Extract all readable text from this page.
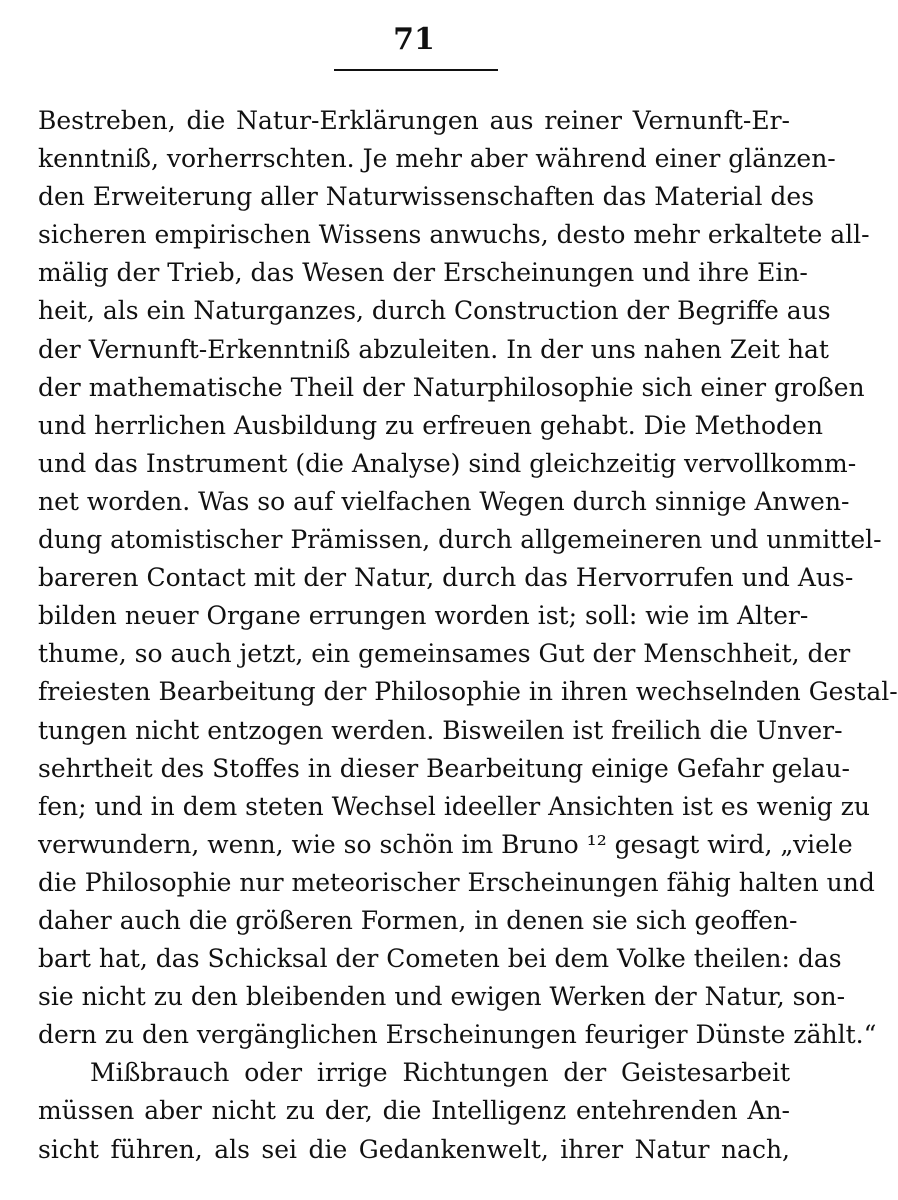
71
Bestreben, die Natur-Erklärungen aus reiner Vernunft-Er-
kenntniß, vorherrschten. Je mehr aber während einer glänzen-
den Erweiterung aller Naturwissenschaften das Material des
sicheren empirischen Wissens anwuchs, desto mehr erkaltete all-
mälig der Trieb, das Wesen der Erscheinungen und ihre Ein-
heit, als ein Naturganzes, durch Construction der Begriffe aus
der Vernunft-Erkenntniß abzuleiten. In der uns nahen Zeit hat
der mathematische Theil der Naturphilosophie sich einer großen
und herrlichen Ausbildung zu erfreuen gehabt. Die Methoden
und das Instrument (die Analyse) sind gleichzeitig vervollkomm-
net worden. Was so auf vielfachen Wegen durch sinnige Anwen-
dung atomistischer Prämissen, durch allgemeineren und unmittel-
bareren Contact mit der Natur, durch das Hervorrufen und Aus-
bilden neuer Organe errungen worden ist; soll: wie im Alter-
thume, so auch jetzt, ein gemeinsames Gut der Menschheit, der
freiesten Bearbeitung der Philosophie in ihren wechselnden Gestal-
tungen nicht entzogen werden. Bisweilen ist freilich die Unver-
sehrtheit des Stoffes in dieser Bearbeitung einige Gefahr gelau-
fen; und in dem steten Wechsel ideeller Ansichten ist es wenig zu
verwundern, wenn, wie so schön im Bruno ¹² gesagt wird, „viele
die Philosophie nur meteorischer Erscheinungen fähig halten und
daher auch die größeren Formen, in denen sie sich geoffen-
bart hat, das Schicksal der Cometen bei dem Volke theilen: das
sie nicht zu den bleibenden und ewigen Werken der Natur, son-
dern zu den vergänglichen Erscheinungen feuriger Dünste zählt.“
Mißbrauch oder irrige Richtungen der Geistesarbeit
müssen aber nicht zu der, die Intelligenz entehrenden An-
sicht führen, als sei die Gedankenwelt, ihrer Natur nach,
